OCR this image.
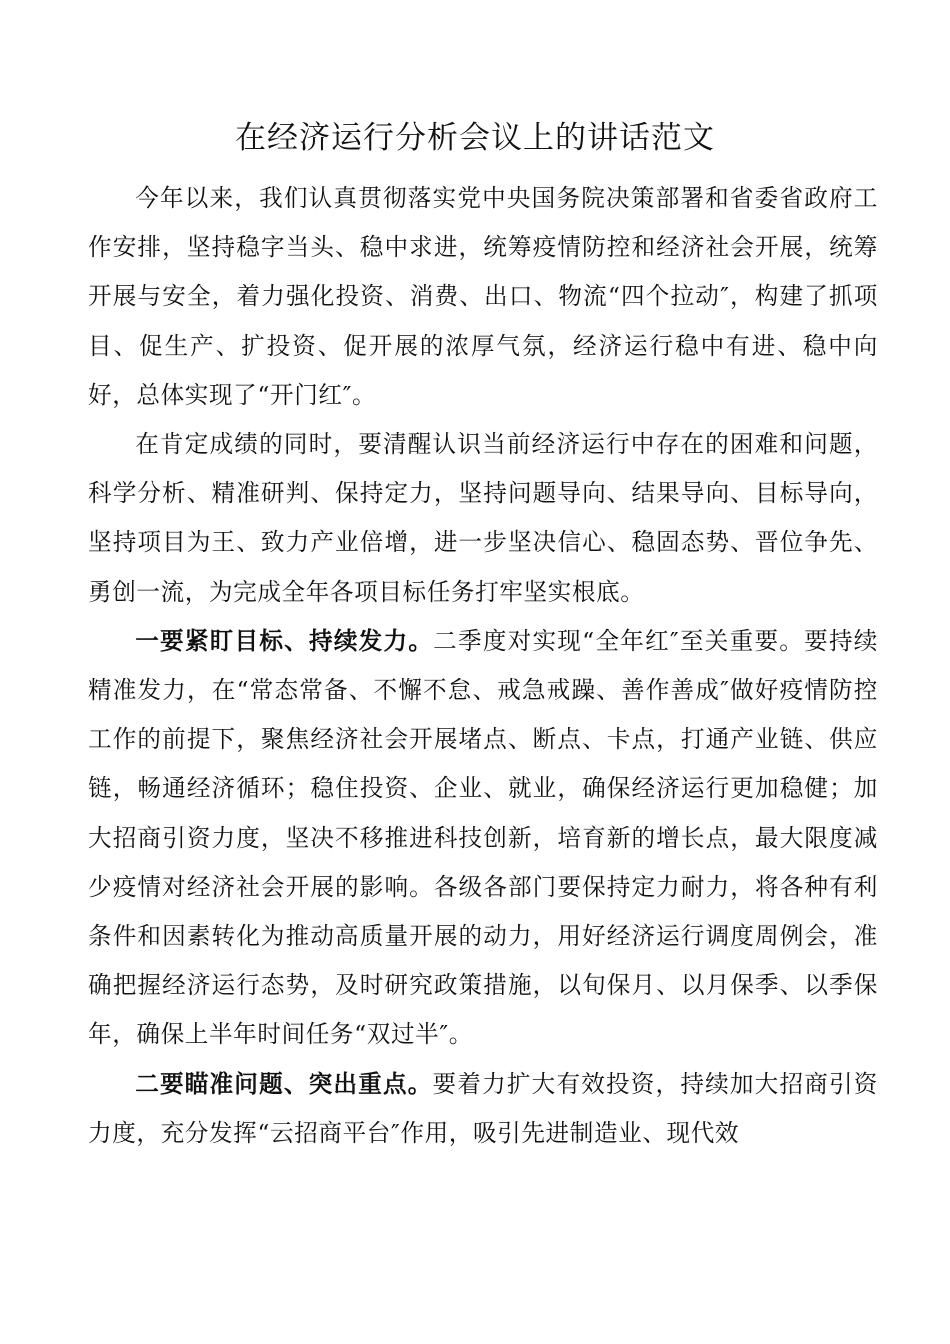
在经济运行分析会议上的讲话范文

今年以来，我们认真贯彻落实党中央国务院决策部署和省委省政府工作安排，坚持稳字当头、稳中求进，统筹疫情防控和经济社会开展，统筹开展与安全，着力强化投资、消费、出口、物流“四个拉动″，构建了抓项目、促生产、扩投资、促开展的浓厚气氛，经济运行稳中有进、稳中向好，总体实现了“开门红″。

在肯定成绩的同时，要清醒认识当前经济运行中存在的困难和问题，科学分析、精准研判、保持定力，坚持问题导向、结果导向、目标导向，坚持项目为王、致力产业倍增，进一步坚决信心、稳固态势、晋位争先、勇创一流，为完成全年各项目标任务打牢坚实根底。

一要紧盯目标、持续发力。二季度对实现“全年红″至关重要。要持续精准发力，在“常态常备、不懈不怠、戒急戒躁、善作善成″做好疫情防控工作的前提下，聚焦经济社会开展堵点、断点、卡点，打通产业链、供应链，畅通经济循环；稳住投资、企业、就业，确保经济运行更加稳健；加大招商引资力度，坚决不移推进科技创新，培育新的增长点，最大限度减少疫情对经济社会开展的影响。各级各部门要保持定力耐力，将各种有利条件和因素转化为推动高质量开展的动力，用好经济运行调度周例会，准确把握经济运行态势，及时研究政策措施，以旬保月、以月保季、以季保年，确保上半年时间任务“双过半″。

二要瞄准问题、突出重点。要着力扩大有效投资，持续加大招商引资力度，充分发挥“云招商平台″作用，吸引先进制造业、现代效
